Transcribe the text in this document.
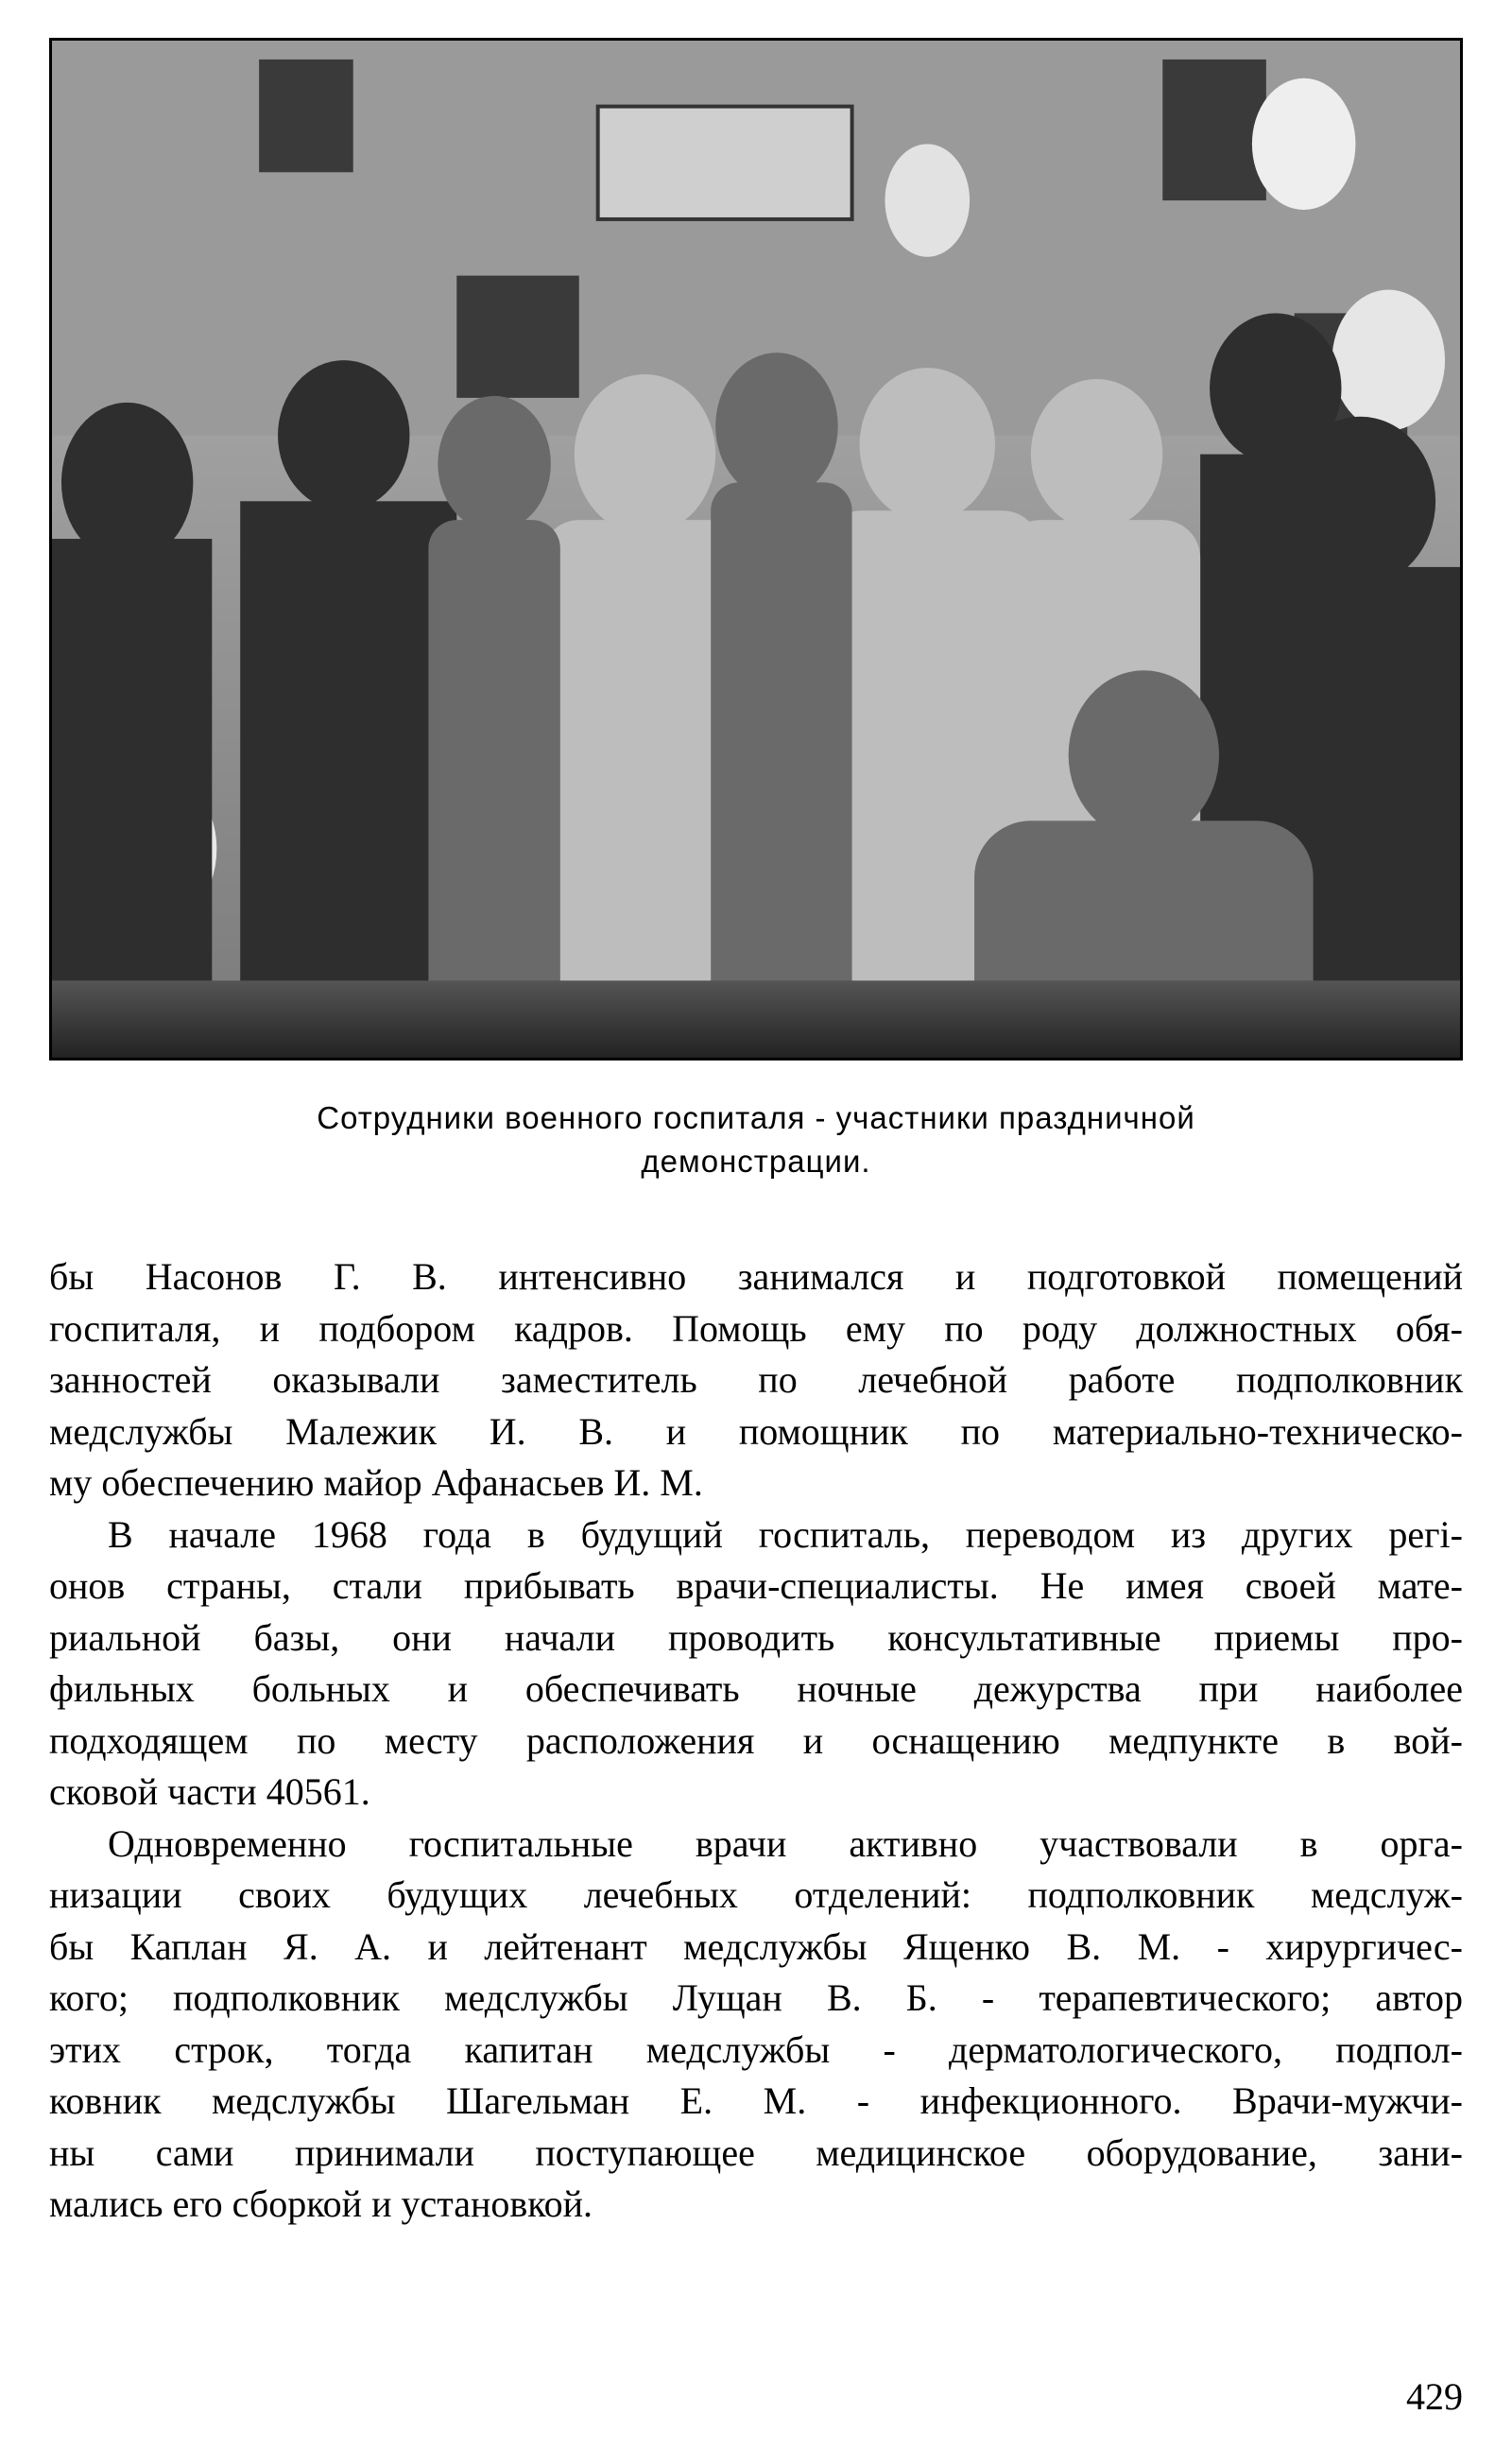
Сотрудники военного госпиталя - участники праздничной
демонстрации.
бы Насонов Г. В. интенсивно занимался и подготовкой помещений
госпиталя, и подбором кадров. Помощь ему по роду должностных обя-
занностей оказывали заместитель по лечебной работе подполковник
медслужбы Малежик И. В. и помощник по материально-техническо-
му обеспечению майор Афанасьев И. М.
В начале 1968 года в будущий госпиталь, переводом из других регі-
онов страны, стали прибывать врачи-специалисты. Не имея своей мате-
риальной базы, они начали проводить консультативные приемы про-
фильных больных и обеспечивать ночные дежурства при наиболее
подходящем по месту расположения и оснащению медпункте в вой-
сковой части 40561.
Одновременно госпитальные врачи активно участвовали в орга-
низации своих будущих лечебных отделений: подполковник медслуж-
бы Каплан Я. А. и лейтенант медслужбы Ященко В. М. - хирургичес-
кого; подполковник медслужбы Лущан В. Б. - терапевтического; автор
этих строк, тогда капитан медслужбы - дерматологического, подпол-
ковник медслужбы Шагельман Е. М. - инфекционного. Врачи-мужчи-
ны сами принимали поступающее медицинское оборудование, зани-
мались его сборкой и установкой.
429
